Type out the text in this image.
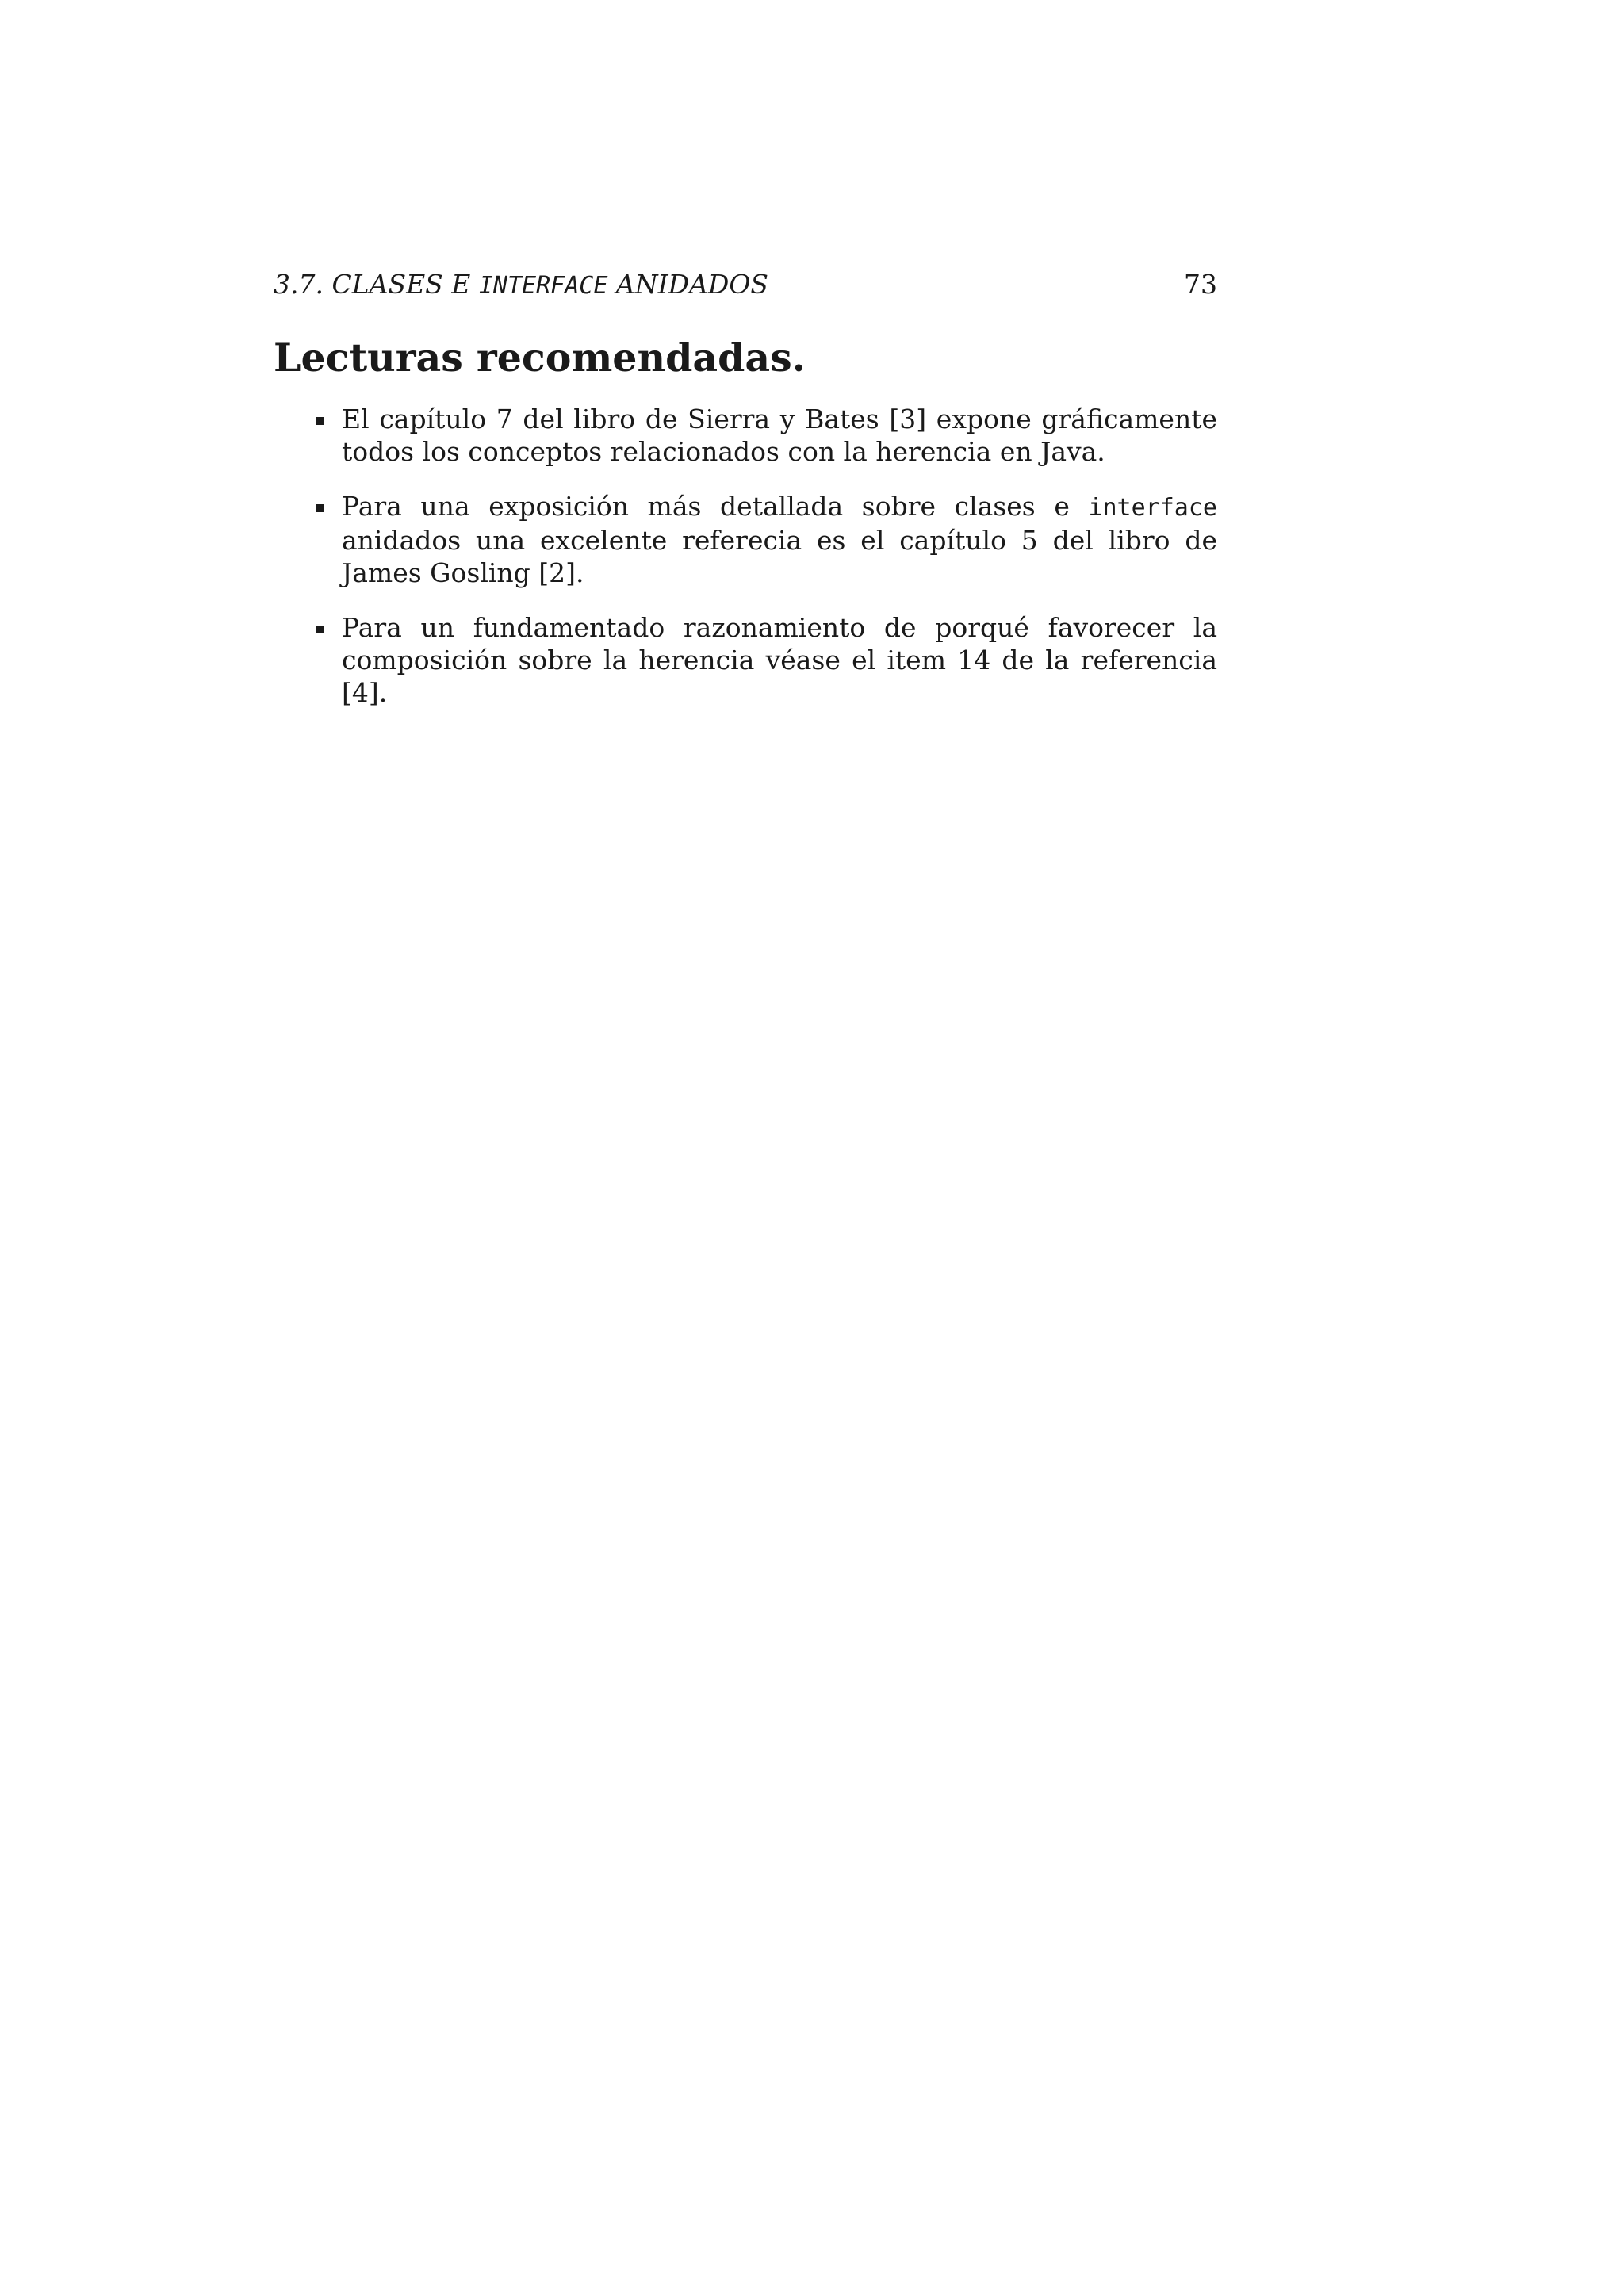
3.7. CLASES E INTERFACE ANIDADOS	73
Lecturas recomendadas.
El capítulo 7 del libro de Sierra y Bates [3] expone gráficamente todos los conceptos relacionados con la herencia en Java.
Para una exposición más detallada sobre clases e interface anidados una excelente referecia es el capítulo 5 del libro de James Gosling [2].
Para un fundamentado razonamiento de porqué favorecer la composición sobre la herencia véase el item 14 de la referencia [4].
